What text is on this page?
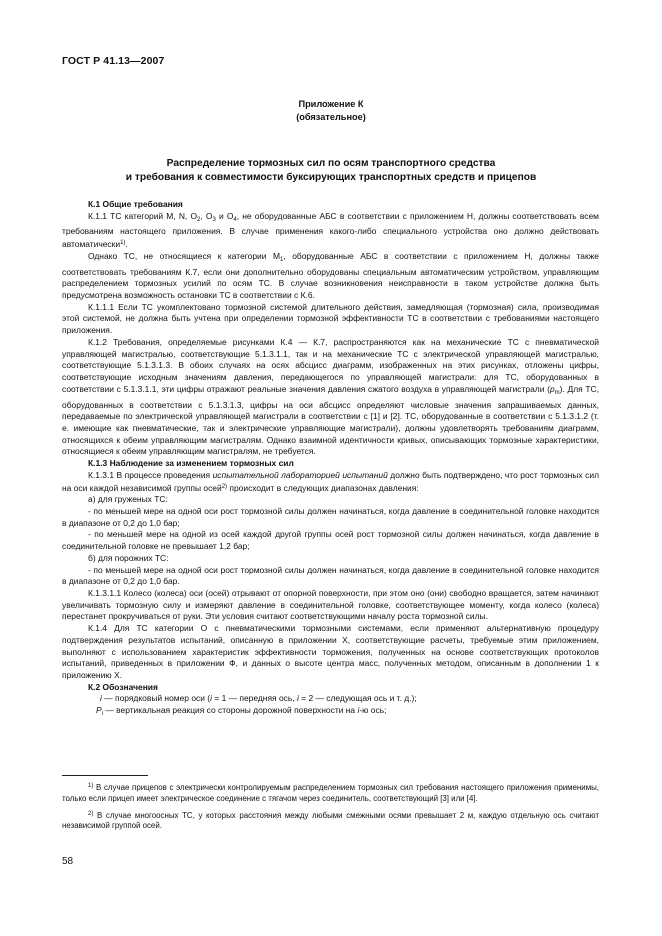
ГОСТ Р 41.13—2007
Приложение К
(обязательное)
Распределение тормозных сил по осям транспортного средства
и требования к совместимости буксирующих транспортных средств и прицепов
К.1 Общие требования

К.1.1 ТС категорий М, N, $О_2$, $О_3$ и $О_4$, не оборудованные АБС в соответствии с приложением Н, должны соответствовать всем требованиям настоящего приложения. В случае применения какого-либо специального устройства оно должно действовать автоматически$^{1)}$.

Однако ТС, не относящиеся к категории $М_1$, оборудованные АБС в соответствии с приложением Н, должны также соответствовать требованиям К.7, если они дополнительно оборудованы специальным автоматическим устройством, управляющим распределением тормозных усилий по осям ТС. В случае возникновения неисправности в таком устройстве должна быть предусмотрена возможность остановки ТС в соответствии с К.6.

К.1.1.1 Если ТС укомплектовано тормозной системой длительного действия, замедляющая (тормозная) сила, производимая этой системой, не должна быть учтена при определении тормозной эффективности ТС в соответствии с требованиями настоящего приложения.

К.1.2 Требования, определяемые рисунками К.4 — К.7, распространяются как на механические ТС с пневматической управляющей магистралью, соответствующие 5.1.3.1.1, так и на механические ТС с электрической управляющей магистралью, соответствующие 5.1.3.1.3. В обоих случаях на осях абсцисс диаграмм, изображенных на этих рисунках, отложены цифры, соответствующие исходным значениям давления, передающегося по управляющей магистрали: для ТС, оборудованных в соответствии с 5.1.3.1.1, эти цифры отражают реальные значения давления сжатого воздуха в управляющей магистрали $(p_m)$. Для ТС, оборудованных в соответствии с 5.1.3.1.3, цифры на оси абсцисс определяют числовые значения запрашиваемых данных, передаваемые по электрической управляющей магистрали в соответствии с [1] и [2]. ТС, оборудованные в соответствии с 5.1.3.1.2 (т. е. имеющие как пневматические, так и электрические управляющие магистрали), должны удовлетворять требованиям диаграмм, относящихся к обеим управляющим магистралям. Однако взаимной идентичности кривых, описывающих тормозные характеристики, относящиеся к обеим управляющим магистралям, не требуется.

К.1.3 Наблюдение за изменением тормозных сил

К.1.3.1 В процессе проведения испытательной лабораторией испытаний должно быть подтверждено, что рост тормозных сил на оси каждой независимой группы осей$^{2)}$ происходит в следующих диапазонах давления:

а) для груженых ТС:

- по меньшей мере на одной оси рост тормозной силы должен начинаться, когда давление в соединительной головке находится в диапазоне от 0,2 до 1,0 бар;

- по меньшей мере на одной из осей каждой другой группы осей рост тормозной силы должен начинаться, когда давление в соединительной головке не превышает 1,2 бар;

б) для порожних ТС:

- по меньшей мере на одной оси рост тормозной силы должен начинаться, когда давление в соединительной головке находится в диапазоне от 0,2 до 1,0 бар.

К.1.3.1.1 Колесо (колеса) оси (осей) отрывают от опорной поверхности, при этом оно (они) свободно вращается, затем начинают увеличивать тормозную силу и измеряют давление в соединительной головке, соответствующее моменту, когда колесо (колеса) перестанет прокручиваться от руки. Эти условия считают соответствующими началу роста тормозной силы.

К.1.4 Для ТС категории О с пневматическими тормозными системами, если применяют альтернативную процедуру подтверждения результатов испытаний, описанную в приложении X, соответствующие расчеты, требуемые этим приложением, выполняют с использованием характеристик эффективности торможения, полученных на основе соответствующих протоколов испытаний, приведенных в приложении Ф, и данных о высоте центра масс, полученных методом, описанным в дополнении 1 к приложению X.

К.2 Обозначения

i — порядковый номер оси (i = 1 — передняя ось, i = 2 — следующая ось и т. д.);

$P_i$ — вертикальная реакция со стороны дорожной поверхности на i-ю ось;

$^{1)}$ В случае прицепов с электрически контролируемым распределением тормозных сил требования настоящего приложения применимы, только если прицеп имеет электрическое соединение с тягачом через соединитель, соответствующий [3] или [4].

$^{2)}$ В случае многоосных ТС, у которых расстояния между любыми смежными осями превышает 2 м, каждую отдельную ось считают независимой группой осей.

58
